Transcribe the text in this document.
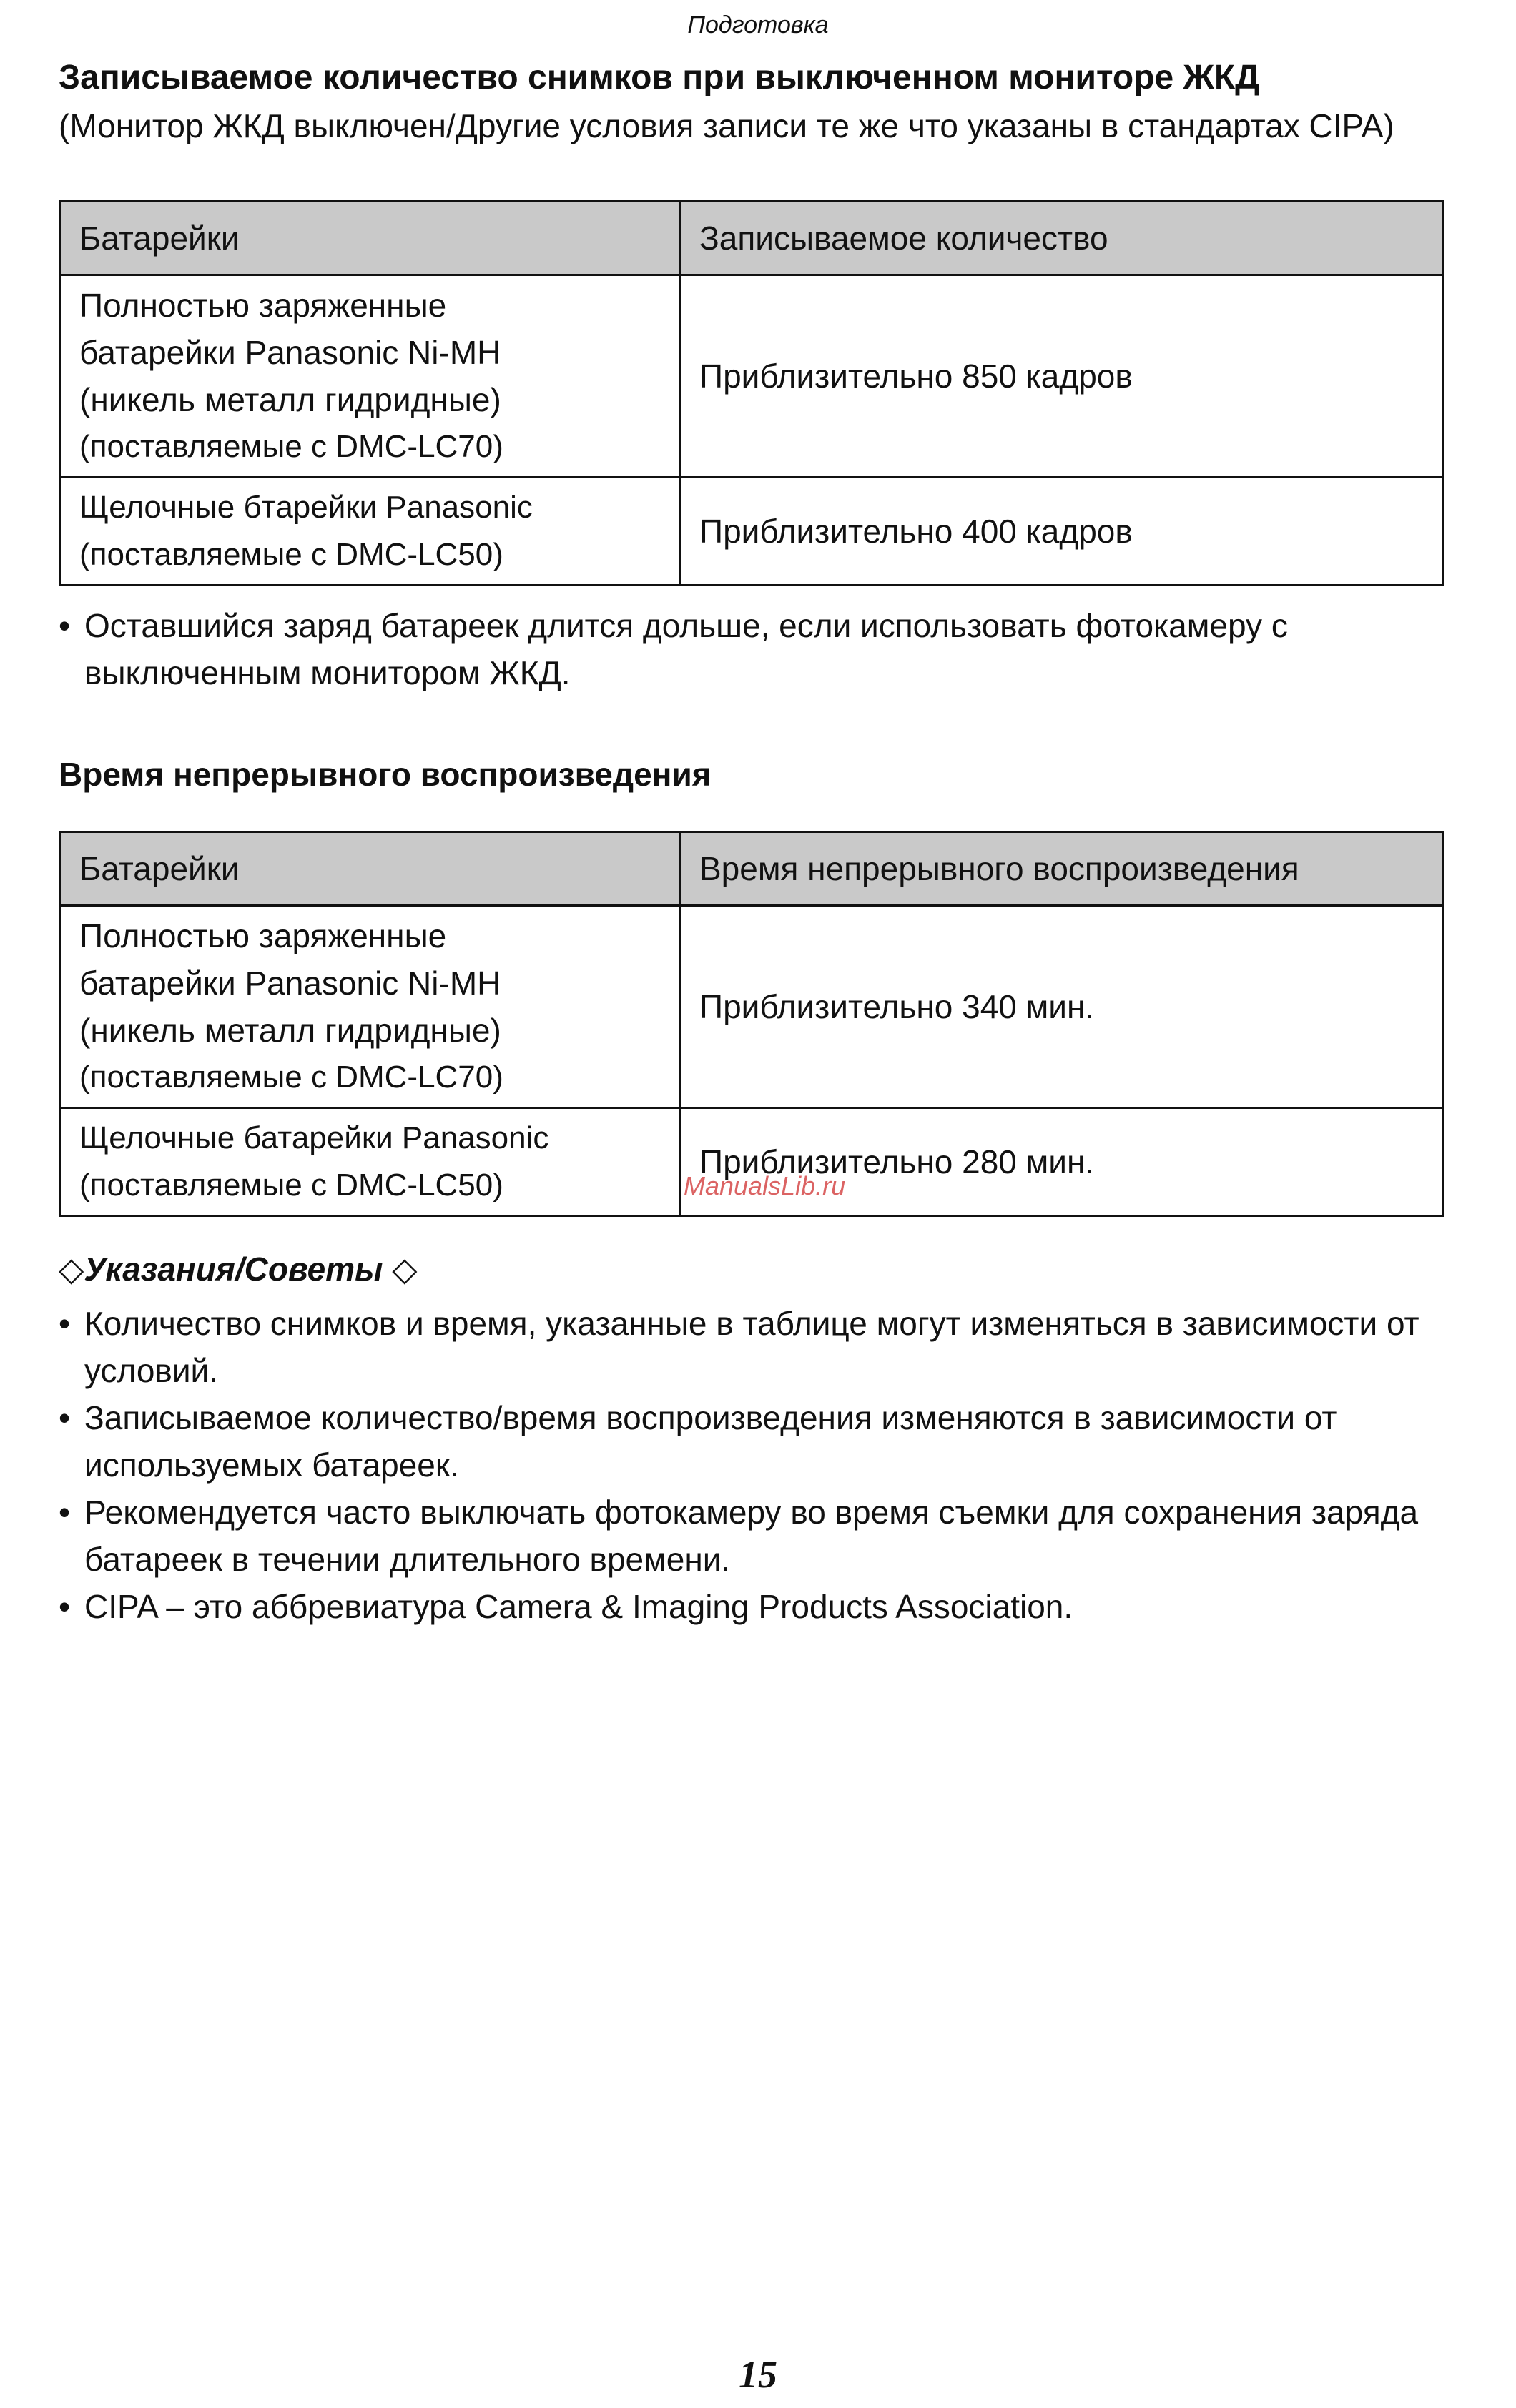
Подготовка

Записываемое количество снимков при выключенном мониторе ЖКД

(Монитор ЖКД выключен/Другие условия записи те же что указаны в стандартах CIPA)

Батарейки	Записываемое количество

Полностью заряженные
батарейки Panasonic Ni-MH
(никель металл гидридные)
(поставляемые с DMC-LC70)	Приблизительно 850 кадров

Щелочные бтарейки Panasonic
(поставляемые с DMC-LC50)	Приблизительно 400 кадров

• Оставшийся заряд батареек длится дольше, если использовать фотокамеру с выключенным монитором ЖКД.

Время непрерывного воспроизведения

Батарейки	Время непрерывного воспроизведения

Полностью заряженные
батарейки Panasonic Ni-MH
(никель металл гидридные)
(поставляемые с DMC-LC70)	Приблизительно 340 мин.

Щелочные батарейки Panasonic
(поставляемые с DMC-LC50)	Приблизительно 280 мин.

◇Указания/Советы ◇

• Количество снимков и время, указанные в таблице могут изменяться в зависимости от условий.

• Записываемое количество/время воспроизведения изменяются в зависимости от используемых батареек.

• Рекомендуется часто выключать фотокамеру во время съемки для сохранения заряда батареек в течении длительного времени.

• CIPA – это аббревиатура Camera & Imaging Products Association.

ManualsLib.ru
15
